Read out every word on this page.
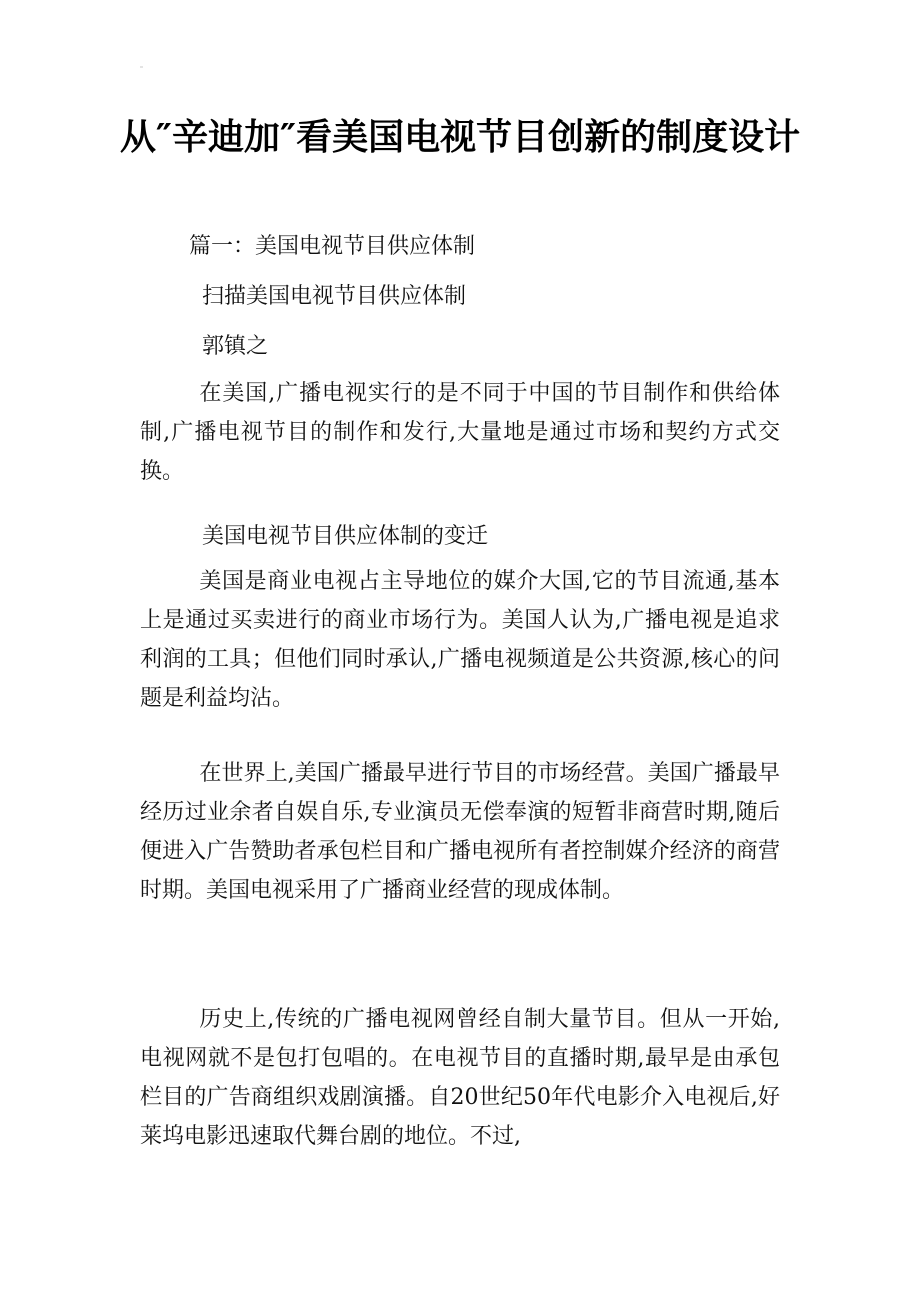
从″辛迪加″看美国电视节目创新的制度设计

篇一：美国电视节目供应体制

扫描美国电视节目供应体制

郭镇之

在美国,广播电视实行的是不同于中国的节目制作和供给体制,广播电视节目的制作和发行,大量地是通过市场和契约方式交换。

美国电视节目供应体制的变迁

美国是商业电视占主导地位的媒介大国,它的节目流通,基本上是通过买卖进行的商业市场行为。美国人认为,广播电视是追求利润的工具；但他们同时承认,广播电视频道是公共资源,核心的问题是利益均沾。

在世界上,美国广播最早进行节目的市场经营。美国广播最早经历过业余者自娱自乐,专业演员无偿奉演的短暂非商营时期,随后便进入广告赞助者承包栏目和广播电视所有者控制媒介经济的商营时期。美国电视采用了广播商业经营的现成体制。

历史上,传统的广播电视网曾经自制大量节目。但从一开始,电视网就不是包打包唱的。在电视节目的直播时期,最早是由承包栏目的广告商组织戏剧演播。自20世纪50年代电影介入电视后,好莱坞电影迅速取代舞台剧的地位。不过,
